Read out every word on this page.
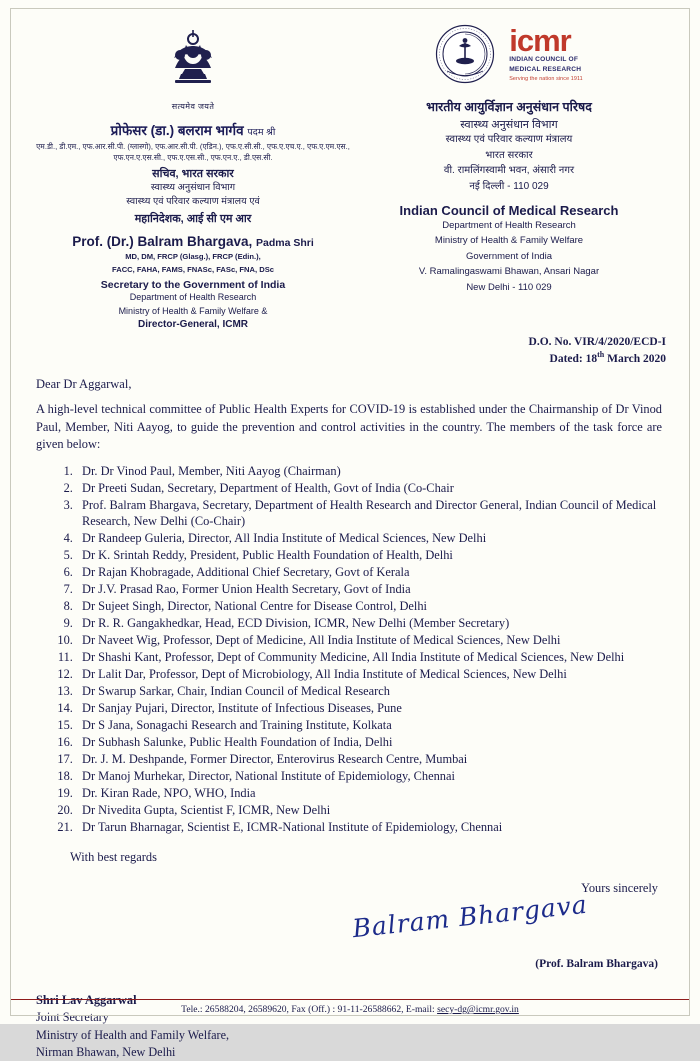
सत्यमेव जयते
प्रोफेसर (डा.) बलराम भार्गव पदम श्री
एम.डी., डी.एम., एफ.आर.सी.पी. (ग्लास्गो), एफ.आर.सी.पी. (एडिन.), एफ.ए.सी.सी., एफ.ए.एच.ए., एफ.ए.एम.एस., एफ.एन.ए.एस.सी., एफ.ए.एस.सी., एफ.एन.ए., डी.एस.सी.
सचिव, भारत सरकार
स्वास्थ्य अनुसंधान विभाग
स्वास्थ्य एवं परिवार कल्याण मंत्रालय एवं
महानिदेशक, आई सी एम आर
Prof. (Dr.) Balram Bhargava, Padma Shri
MD, DM, FRCP (Glasg.), FRCP (Edin.),
FACC, FAHA, FAMS, FNASc, FASc, FNA, DSc
Secretary to the Government of India
Department of Health Research
Ministry of Health & Family Welfare &
Director-General, ICMR
icmr
INDIAN COUNCIL OF
MEDICAL RESEARCH
Serving the nation since 1911
भारतीय आयुर्विज्ञान अनुसंधान परिषद
स्वास्थ्य अनुसंधान विभाग
स्वास्थ्य एवं परिवार कल्याण मंत्रालय
भारत सरकार
वी. रामलिंगस्वामी भवन, अंसारी नगर
नई दिल्ली - 110 029
Indian Council of Medical Research
Department of Health Research
Ministry of Health & Family Welfare
Government of India
V. Ramalingaswami Bhawan, Ansari Nagar
New Delhi - 110 029
D.O. No. VIR/4/2020/ECD-I
Dated: 18th March 2020
Dear Dr Aggarwal,
A high-level technical committee of Public Health Experts for COVID-19 is established under the Chairmanship of Dr Vinod Paul, Member, Niti Aayog, to guide the prevention and control activities in the country. The members of the task force are given below:
1. Dr. Dr Vinod Paul, Member, Niti Aayog (Chairman)
2. Dr Preeti Sudan, Secretary, Department of Health, Govt of India (Co-Chair
3. Prof. Balram Bhargava, Secretary, Department of Health Research and Director General, Indian Council of Medical Research, New Delhi (Co-Chair)
4. Dr Randeep Guleria, Director, All India Institute of Medical Sciences, New Delhi
5. Dr K. Srintah Reddy, President, Public Health Foundation of Health, Delhi
6. Dr Rajan Khobragade, Additional Chief Secretary, Govt of Kerala
7. Dr J.V. Prasad Rao, Former Union Health Secretary, Govt of India
8. Dr Sujeet Singh, Director, National Centre for Disease Control, Delhi
9. Dr R. R. Gangakhedkar, Head, ECD Division, ICMR, New Delhi (Member Secretary)
10. Dr Naveet Wig, Professor, Dept of Medicine, All India Institute of Medical Sciences, New Delhi
11. Dr Shashi Kant, Professor, Dept of Community Medicine, All India Institute of Medical Sciences, New Delhi
12. Dr Lalit Dar, Professor, Dept of Microbiology, All India Institute of Medical Sciences, New Delhi
13. Dr Swarup Sarkar, Chair, Indian Council of Medical Research
14. Dr Sanjay Pujari, Director, Institute of Infectious Diseases, Pune
15. Dr S Jana, Sonagachi Research and Training Institute, Kolkata
16. Dr Subhash Salunke, Public Health Foundation of India, Delhi
17. Dr. J. M. Deshpande, Former Director, Enterovirus Research Centre, Mumbai
18. Dr Manoj Murhekar, Director, National Institute of Epidemiology, Chennai
19. Dr. Kiran Rade, NPO, WHO, India
20. Dr Nivedita Gupta, Scientist F, ICMR, New Delhi
21. Dr Tarun Bharnagar, Scientist E, ICMR-National Institute of Epidemiology, Chennai
With best regards
Yours sincerely
Balram Bhargava
(Prof. Balram Bhargava)
Shri Lav Aggarwal
Joint Secretary
Ministry of Health and Family Welfare,
Nirman Bhawan, New Delhi
Tele.: 26588204, 26589620, Fax (Off.) : 91-11-26588662, E-mail: secy-dg@icmr.gov.in
